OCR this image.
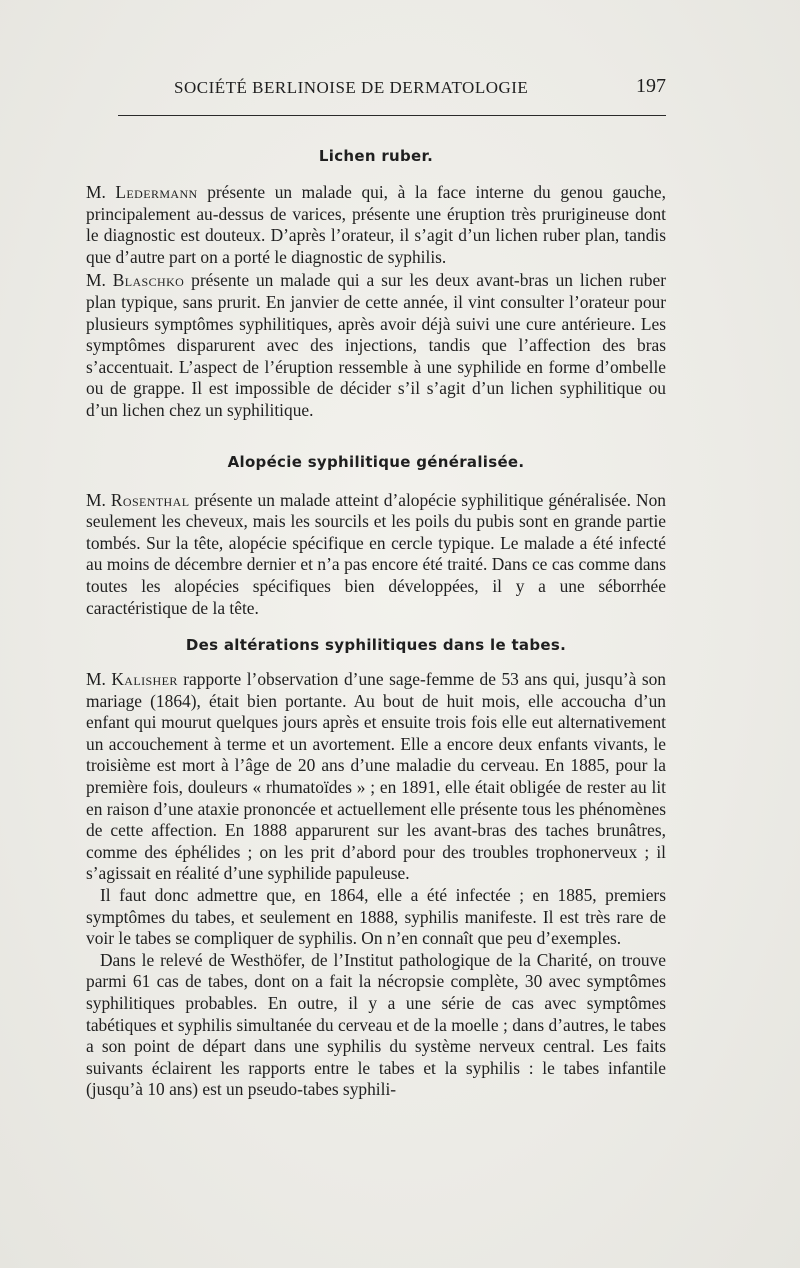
SOCIÉTÉ BERLINOISE DE DERMATOLOGIE	197

Lichen ruber.

M. Ledermann présente un malade qui, à la face interne du genou gauche, principalement au-dessus de varices, présente une éruption très prurigineuse dont le diagnostic est douteux. D’après l’orateur, il s’agit d’un lichen ruber plan, tandis que d’autre part on a porté le diagnostic de syphilis.

M. Blaschko présente un malade qui a sur les deux avant-bras un lichen ruber plan typique, sans prurit. En janvier de cette année, il vint consulter l’orateur pour plusieurs symptômes syphilitiques, après avoir déjà suivi une cure antérieure. Les symptômes disparurent avec des injections, tandis que l’affection des bras s’accentuait. L’aspect de l’éruption ressemble à une syphilide en forme d’ombelle ou de grappe. Il est impossible de décider s’il s’agit d’un lichen syphilitique ou d’un lichen chez un syphilitique.

Alopécie syphilitique généralisée.

M. Rosenthal présente un malade atteint d’alopécie syphilitique généralisée. Non seulement les cheveux, mais les sourcils et les poils du pubis sont en grande partie tombés. Sur la tête, alopécie spécifique en cercle typique. Le malade a été infecté au moins de décembre dernier et n’a pas encore été traité. Dans ce cas comme dans toutes les alopécies spécifiques bien développées, il y a une séborrhée caractéristique de la tête.

Des altérations syphilitiques dans le tabes.

M. Kalisher rapporte l’observation d’une sage-femme de 53 ans qui, jusqu’à son mariage (1864), était bien portante. Au bout de huit mois, elle accoucha d’un enfant qui mourut quelques jours après et ensuite trois fois elle eut alternativement un accouchement à terme et un avortement. Elle a encore deux enfants vivants, le troisième est mort à l’âge de 20 ans d’une maladie du cerveau. En 1885, pour la première fois, douleurs « rhumatoïdes » ; en 1891, elle était obligée de rester au lit en raison d’une ataxie prononcée et actuellement elle présente tous les phénomènes de cette affection. En 1888 apparurent sur les avant-bras des taches brunâtres, comme des éphélides ; on les prit d’abord pour des troubles trophonerveux ; il s’agissait en réalité d’une syphilide papuleuse.

Il faut donc admettre que, en 1864, elle a été infectée ; en 1885, premiers symptômes du tabes, et seulement en 1888, syphilis manifeste. Il est très rare de voir le tabes se compliquer de syphilis. On n’en connaît que peu d’exemples.

Dans le relevé de Westhöfer, de l’Institut pathologique de la Charité, on trouve parmi 61 cas de tabes, dont on a fait la nécropsie complète, 30 avec symptômes syphilitiques probables. En outre, il y a une série de cas avec symptômes tabétiques et syphilis simultanée du cerveau et de la moelle ; dans d’autres, le tabes a son point de départ dans une syphilis du système nerveux central. Les faits suivants éclairent les rapports entre le tabes et la syphilis : le tabes infantile (jusqu’à 10 ans) est un pseudo-tabes syphili-
